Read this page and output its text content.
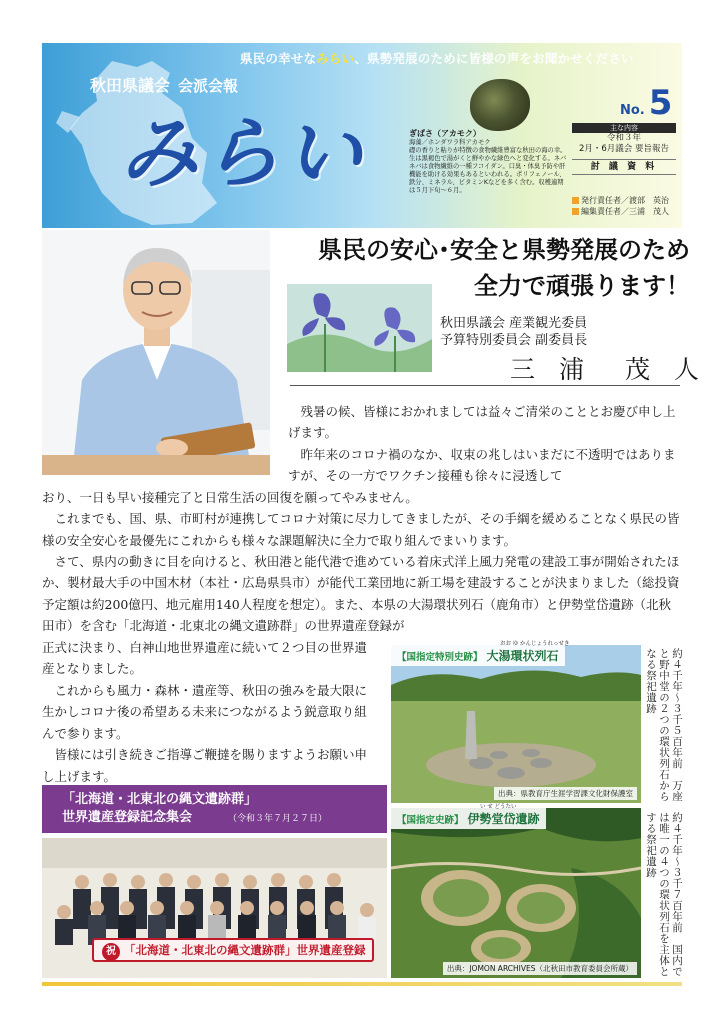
県民の幸せなみらい、県勢発展のために皆様の声をお聞かせください
秋田県議会 会派会報
みらい	ぎばさ（アカモク）
海藻／ホンダワラ科アカモク
礎の香りと粘りが特徴の食物繊維豊富な秋田の海の幸。生は黒褐色で湯がくと鮮やかな緑色へと変化する。ネバネバは食物繊維の一種フコイダン。口臭・体臭予防や肝機能を助ける効果もあるといわれる。ポリフェノール、鉄分、ミネラル、ビタミンKなどを多く含む。収穫適期は５月下旬〜６月。
No. 5
主な内容
令和３年
2月・6月議会 要旨報告
討 議 資 料
発行責任者／渡部　英治
編集責任者／三浦　茂人
県民の安心･安全と県勢発展のため
全力で頑張ります！
秋田県議会 産業観光委員
予算特別委員会 副委員長
三 浦　茂 人
　残暑の候、皆様におかれましては益々ご清栄のこととお慶び申し上げます。
　昨年来のコロナ禍のなか、収束の兆しはいまだに不透明ではありますが、その一方でワクチン接種も徐々に浸透して
おり、一日も早い接種完了と日常生活の回復を願ってやみません。
　これまでも、国、県、市町村が連携してコロナ対策に尽力してきましたが、その手綱を緩めることなく県民の皆様の安全安心を最優先にこれからも様々な課題解決に全力で取り組んでまいります。
　さて、県内の動きに目を向けると、秋田港と能代港で進めている着床式洋上風力発電の建設工事が開始されたほか、製材最大手の中国木材（本社・広島県呉市）が能代工業団地に新工場を建設することが決まりました（総投資予定額は約200億円、地元雇用140人程度を想定）。また、本県の大湯環状列石（鹿角市）と伊勢堂岱遺跡（北秋田市）を含む「北海道・北東北の縄文遺跡群」の世界遺産登録が
正式に決まり、白神山地世界遺産に続いて２つ目の世界遺産となりました。
　これからも風力・森林・遺産等、秋田の強みを最大限に生かしコロナ後の希望ある未来につながるよう鋭意取り組んで参ります。
　皆様には引き続きご指導ご鞭撻を賜りますようお願い申し上げます。
【国指定特別史跡】 大湯環状列石
出典：県教育庁生涯学習課文化財保護室
おお ゆ かんじょうれっせき
約４千年〜３千５百年前　万座と野中堂の２つの環状列石からなる祭祀遺跡
【国指定史跡】 伊勢堂岱遺跡
出典：JOMON ARCHIVES（北秋田市教育委員会所蔵）
い せ どうたい
約４千年〜３千７百年前　国内では唯一の４つの環状列石を主体とする祭祀遺跡
「北海道・北東北の縄文遺跡群」
世界遺産登録記念集会	（令和３年７月２７日）
祝 「北海道・北東北の縄文遺跡群」世界遺産登録
